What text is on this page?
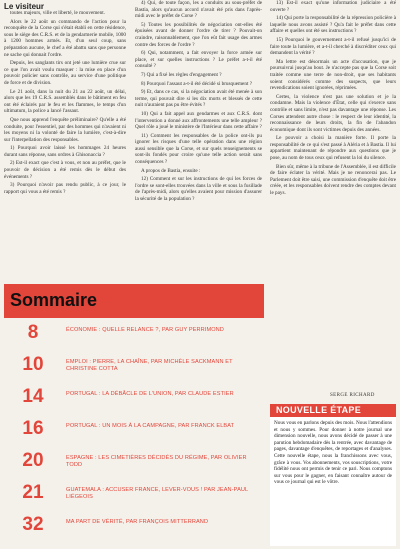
Le visiteur

toutes majeurs, ville et liberté, le mouvement.

Alors le 22 août un commando de l'action pour la reconquête de la Corse qui s'était établi en cette résidence, sous le siège des C.R.S. et de la gendarmerie mobile, 1000 à 1200 hommes armés. Et, d'un seul coup, sans préparation aucune, le chef a été abattu sans que personne ne sache qui donnait l'ordre.

Depuis, les sanglants tirs ont jeté une lumière crue sur ce que l'on avait voulu masquer : la mise en place d'un pouvoir policier sans contrôle, au service d'une politique de force et de division.

Le 21 août, dans la nuit du 21 au 22 août, un délai, alors que les 19 C.R.S. assemblés dans le bâtiment en feu ont été éclairés par le feu et les flammes, le temps d'un ultimatum, la police a lancé l'assaut.

Que nous apprend l'enquête préliminaire? Qu'elle a été conduite, pour l'essentiel, par des hommes qui n'avaient ni les moyens ni la volonté de faire la lumière, c'est-à-dire sur l'interpellation des responsables.

1) Pourquoi avoir laissé les hommages 24 heures durant sans réponse, sans ordres à Ghisonaccia ?

2) Est-il exact que c'est à vous, et non au préfet, que le pouvoir de décision a été remis dès le début des événements ?

3) Pourquoi n'avoir pas rendu public, à ce jour, le rapport qui vous a été remis ?

4) Qui, de toute façon, les a conduits au sous-préfet de Bastia, alors qu'aucun accord n'avait été pris dans l'après-midi avec le préfet de Corse ?

5) Toutes les possibilités de négociation ont-elles été épuisées avant de donner l'ordre de tirer ? Pouvait-on craindre, raisonnablement, que l'on eût fait usage des armes contre des forces de l'ordre ?

6) Qui, notamment, a fait envoyer la force armée sur place, et sur quelles instructions ? Le préfet a-t-il été consulté ?

7) Qui a fixé les règles d'engagement ?

8) Pourquoi l'assaut a-t-il été décidé si brusquement ?

9) Et, dans ce cas, si la négociation avait été menée à son terme, qui pouvait dire si les dix morts et blessés de cette nuit n'auraient pas pu être évités ?

10) Qui a fait appel aux gendarmes et aux C.R.S. dont l'intervention a donné aux affrontements une telle ampleur ? Quel rôle a joué le ministère de l'Intérieur dans cette affaire ?

11) Comment les responsables de la police ont-ils pu ignorer les risques d'une telle opération dans une région aussi sensible que la Corse, et sur quels renseignements se sont-ils fondés pour croire qu'une telle action serait sans conséquences ?

A propos de Bastia, ensuite :

12) Comment et sur les instructions de qui les forces de l'ordre se sont-elles trouvées dans la ville et sous la fusillade de l'après-midi, alors qu'elles avaient pour mission d'assurer la sécurité de la population ?

13) Est-il exact qu'une information judiciaire a été ouverte ?

14) Qui porte la responsabilité de la répression policière à laquelle nous avons assisté ? Qu'a fait le préfet dans cette affaire et quelles ont été ses instructions ?

15) Pourquoi le gouvernement a-t-il refusé jusqu'ici de faire toute la lumière, et a-t-il cherché à discréditer ceux qui demandent la vérité ?

Ma lettre est désormais un acte d'accusation, que je poursuivrai jusqu'au bout. Je n'accepte pas que la Corse soit traitée comme une terre de non-droit, que ses habitants soient considérés comme des suspects, que leurs revendications soient ignorées, réprimées.

Certes, la violence n'est pas une solution et je la condamne. Mais la violence d'État, celle qui s'exerce sans contrôle et sans limite, n'est pas davantage une réponse. Les Corses attendent autre chose : le respect de leur identité, la reconnaissance de leurs droits, la fin de l'abandon économique dont ils sont victimes depuis des années.

Le pouvoir a choisi la manière forte. Il porte la responsabilité de ce qui s'est passé à Aléria et à Bastia. Il lui appartient maintenant de répondre aux questions que je pose, au nom de tous ceux qui refusent la loi du silence.

Bien sûr, même à la tribune de l'Assemblée, il est difficile de faire éclater la vérité. Mais je ne renoncerai pas. Le Parlement doit être saisi, une commission d'enquête doit être créée, et les responsables doivent rendre des comptes devant le pays.

SERGE RICHARD
Sommaire
8	ÉCONOMIE : QUELLE RELANCE ?, PAR GUY PERRIMOND
10	EMPLOI : PIERRE, LA CHAÎNE, PAR MICHÈLE SACKMANN ET CHRISTINE COTTA
14	PORTUGAL : LA DÉBÂCLE DE L'UNION, PAR CLAUDE ESTIER
16	PORTUGAL : UN MOIS À LA CAMPAGNE, PAR FRANCK ELBAT
20	ESPAGNE : LES CIMETIÈRES DÉCIDÉS DU RÉGIME, PAR OLIVIER TODD
21	GUATEMALA : ACCUSER FRANCE, LEVER-VOUS ! PAR JEAN-PAUL LIÉGEOIS
32	MA PART DE VÉRITÉ, PAR FRANÇOIS MITTERRAND
NOUVELLE ÉTAPE
Nous vous en parlons depuis des mois. Nous l'attendions et nous y sommes. Pour donner à notre journal une dimension nouvelle, nous avons décidé de passer à une parution hebdomadaire dès la rentrée, avec davantage de pages, davantage d'enquêtes, de reportages et d'analyses. Cette nouvelle étape, nous la franchissons avec vous, grâce à vous. Vos abonnements, vos souscriptions, votre fidélité nous ont permis de tenir ce pari. Nous comptons sur vous pour le gagner, en faisant connaître autour de vous ce journal qui est le vôtre.
